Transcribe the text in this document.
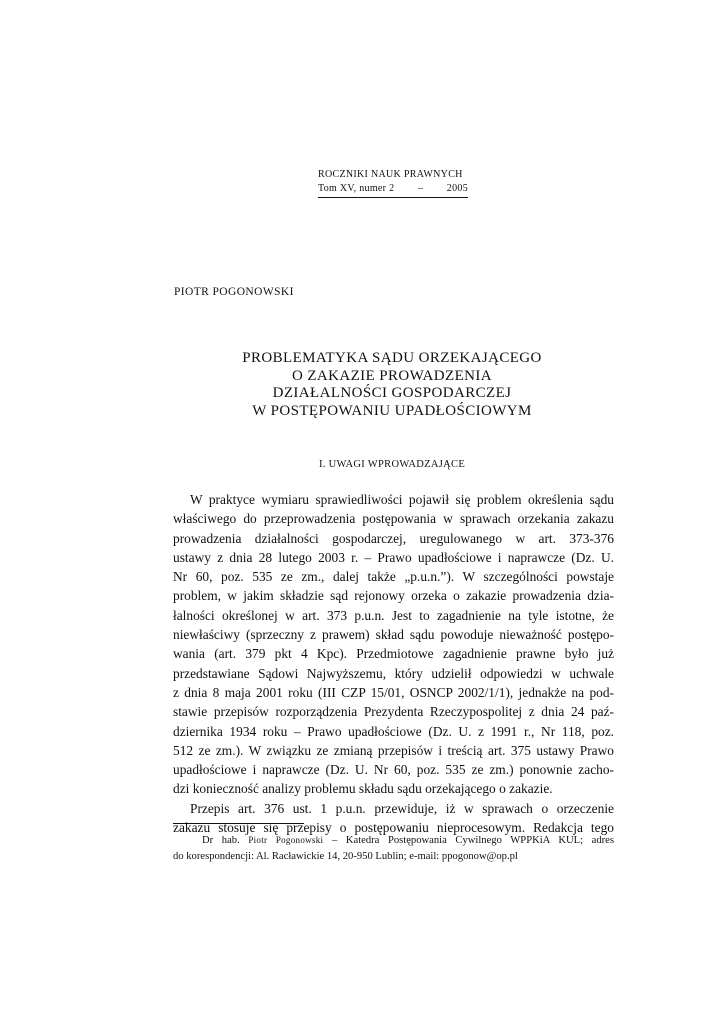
ROCZNIKI NAUK PRAWNYCH
Tom XV, numer 2 – 2005
PIOTR POGONOWSKI
PROBLEMATYKA SĄDU ORZEKAJĄCEGO
O ZAKAZIE PROWADZENIA
DZIAŁALNOŚCI GOSPODARCZEJ
W POSTĘPOWANIU UPADŁOŚCIOWYM
I. UWAGI WPROWADZAJĄCE
W praktyce wymiaru sprawiedliwości pojawił się problem określenia sądu
właściwego do przeprowadzenia postępowania w sprawach orzekania zakazu
prowadzenia działalności gospodarczej, uregulowanego w art. 373-376
ustawy z dnia 28 lutego 2003 r. – Prawo upadłościowe i naprawcze (Dz. U.
Nr 60, poz. 535 ze zm., dalej także „p.u.n.”). W szczególności powstaje
problem, w jakim składzie sąd rejonowy orzeka o zakazie prowadzenia dzia-
łalności określonej w art. 373 p.u.n. Jest to zagadnienie na tyle istotne, że
niewłaściwy (sprzeczny z prawem) skład sądu powoduje nieważność postępo-
wania (art. 379 pkt 4 Kpc). Przedmiotowe zagadnienie prawne było już
przedstawiane Sądowi Najwyższemu, który udzielił odpowiedzi w uchwale
z dnia 8 maja 2001 roku (III CZP 15/01, OSNCP 2002/1/1), jednakże na pod-
stawie przepisów rozporządzenia Prezydenta Rzeczypospolitej z dnia 24 paź-
dziernika 1934 roku – Prawo upadłościowe (Dz. U. z 1991 r., Nr 118, poz.
512 ze zm.). W związku ze zmianą przepisów i treścią art. 375 ustawy Prawo
upadłościowe i naprawcze (Dz. U. Nr 60, poz. 535 ze zm.) ponownie zacho-
dzi konieczność analizy problemu składu sądu orzekającego o zakazie.
Przepis art. 376 ust. 1 p.u.n. przewiduje, iż w sprawach o orzeczenie
zakazu stosuje się przepisy o postępowaniu nieprocesowym. Redakcja tego
Dr hab. Piotr Pogonowski – Katedra Postępowania Cywilnego WPPKiA KUL; adres
do korespondencji: Al. Racławickie 14, 20-950 Lublin; e-mail: ppogonow@op.pl
